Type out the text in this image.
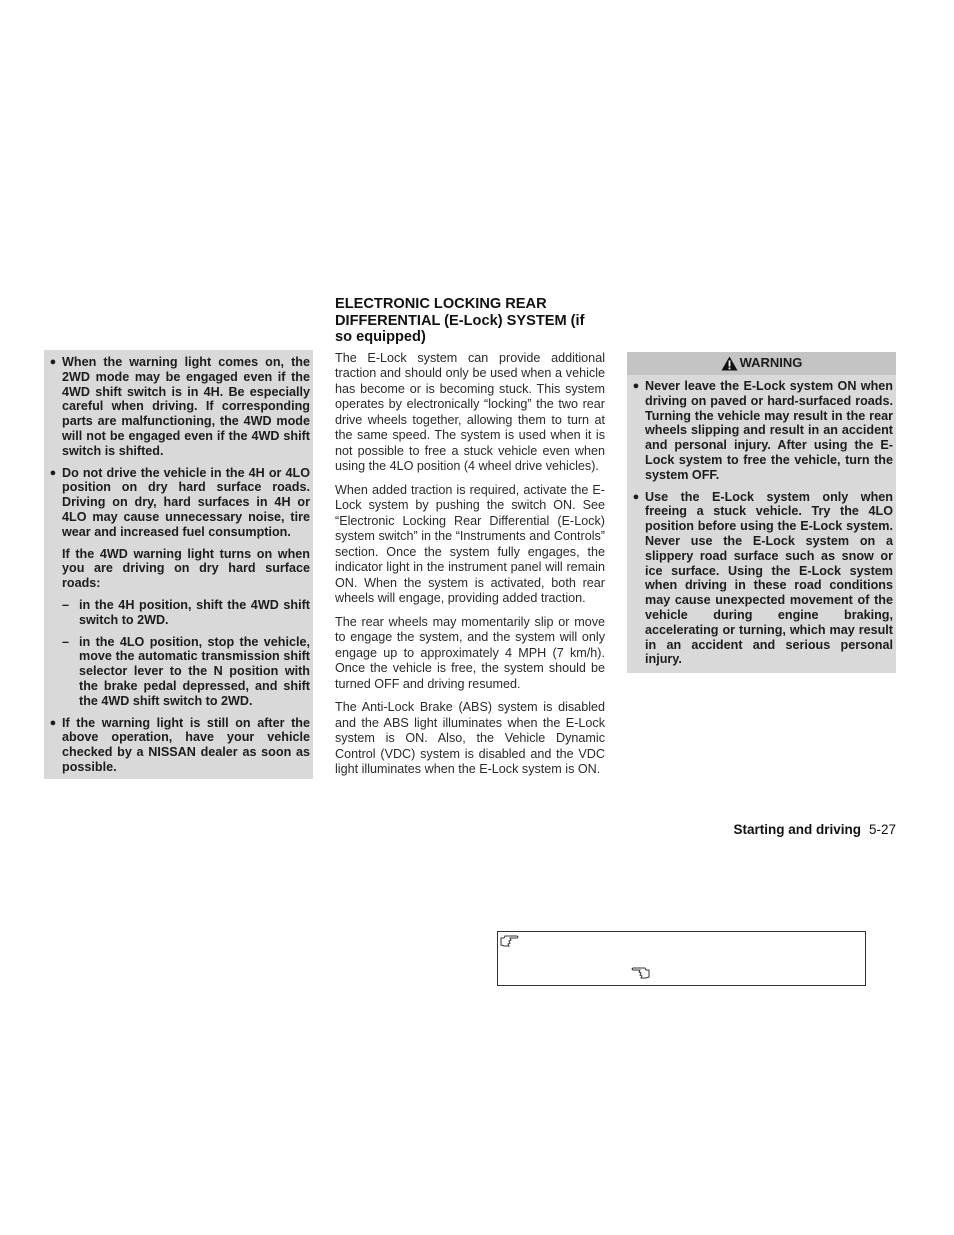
● When the warning light comes on, the 2WD mode may be engaged even if the 4WD shift switch is in 4H. Be especially careful when driving. If corresponding parts are malfunctioning, the 4WD mode will not be engaged even if the 4WD shift switch is shifted.
● Do not drive the vehicle in the 4H or 4LO position on dry hard surface roads. Driving on dry, hard surfaces in 4H or 4LO may cause unnecessary noise, tire wear and increased fuel consumption.
If the 4WD warning light turns on when you are driving on dry hard surface roads:
– in the 4H position, shift the 4WD shift switch to 2WD.
– in the 4LO position, stop the vehicle, move the automatic transmission shift selector lever to the N position with the brake pedal depressed, and shift the 4WD shift switch to 2WD.
● If the warning light is still on after the above operation, have your vehicle checked by a NISSAN dealer as soon as possible.
ELECTRONIC LOCKING REAR DIFFERENTIAL (E-Lock) SYSTEM (if so equipped)

The E-Lock system can provide additional traction and should only be used when a vehicle has become or is becoming stuck. This system operates by electronically “locking” the two rear drive wheels together, allowing them to turn at the same speed. The system is used when it is not possible to free a stuck vehicle even when using the 4LO position (4 wheel drive vehicles).

When added traction is required, activate the E-Lock system by pushing the switch ON. See “Electronic Locking Rear Differential (E-Lock) system switch” in the “Instruments and Controls” section. Once the system fully engages, the indicator light in the instrument panel will remain ON. When the system is activated, both rear wheels will engage, providing added traction.

The rear wheels may momentarily slip or move to engage the system, and the system will only engage up to approximately 4 MPH (7 km/h). Once the vehicle is free, the system should be turned OFF and driving resumed.

The Anti-Lock Brake (ABS) system is disabled and the ABS light illuminates when the E-Lock system is ON. Also, the Vehicle Dynamic Control (VDC) system is disabled and the VDC light illuminates when the E-Lock system is ON.

WARNING
● Never leave the E-Lock system ON when driving on paved or hard-surfaced roads. Turning the vehicle may result in the rear wheels slipping and result in an accident and personal injury. After using the E-Lock system to free the vehicle, turn the system OFF.
● Use the E-Lock system only when freeing a stuck vehicle. Try the 4LO position before using the E-Lock system. Never use the E-Lock system on a slippery road surface such as snow or ice surface. Using the E-Lock system when driving in these road conditions may cause unexpected movement of the vehicle during engine braking, accelerating or turning, which may result in an accident and serious personal injury.
Starting and driving 5-27
